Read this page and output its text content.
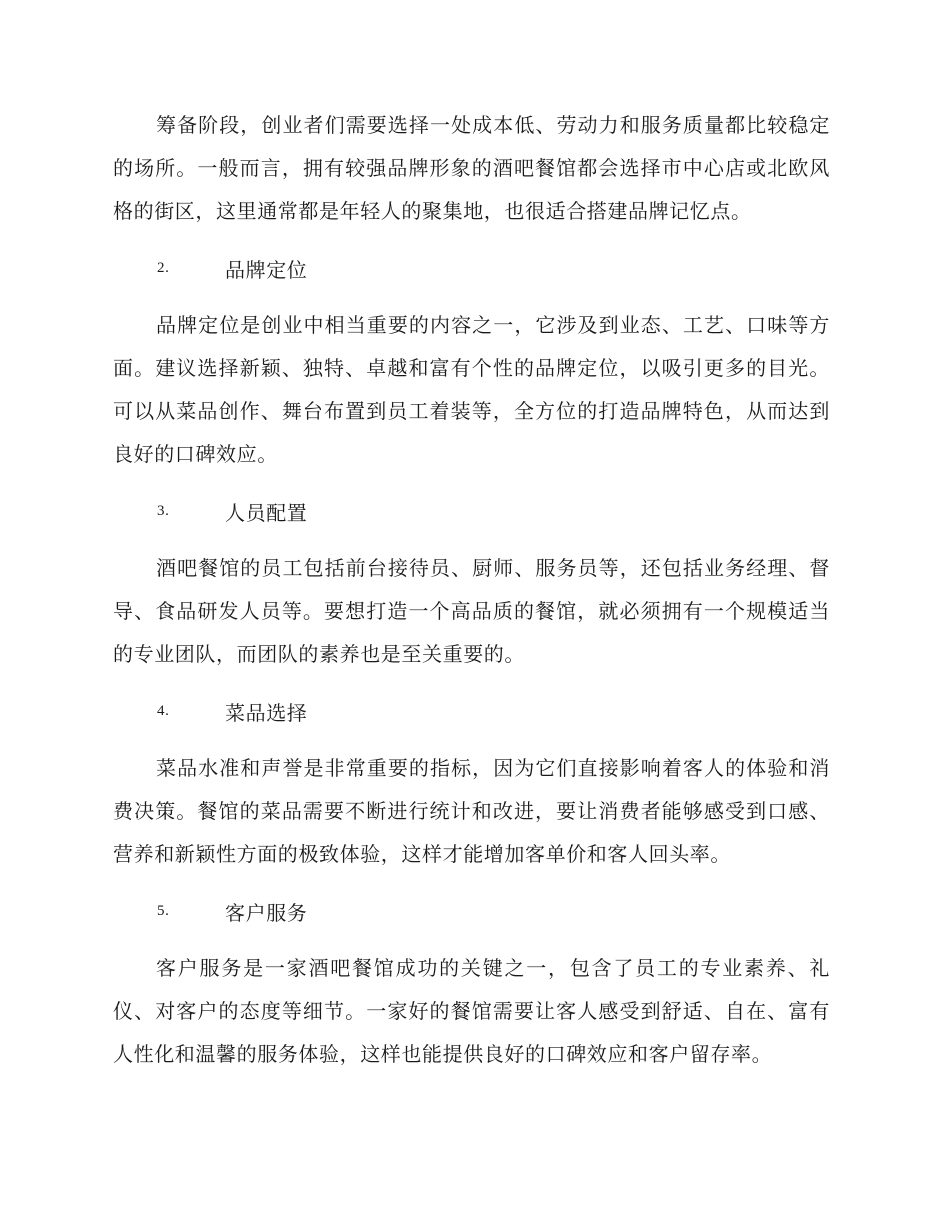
筹备阶段，创业者们需要选择一处成本低、劳动力和服务质量都比较稳定的场所。一般而言，拥有较强品牌形象的酒吧餐馆都会选择市中心店或北欧风格的街区，这里通常都是年轻人的聚集地，也很适合搭建品牌记忆点。

2.	品牌定位

品牌定位是创业中相当重要的内容之一，它涉及到业态、工艺、口味等方面。建议选择新颖、独特、卓越和富有个性的品牌定位，以吸引更多的目光。可以从菜品创作、舞台布置到员工着装等，全方位的打造品牌特色，从而达到良好的口碑效应。

3.	人员配置

酒吧餐馆的员工包括前台接待员、厨师、服务员等，还包括业务经理、督导、食品研发人员等。要想打造一个高品质的餐馆，就必须拥有一个规模适当的专业团队，而团队的素养也是至关重要的。

4.	菜品选择

菜品水准和声誉是非常重要的指标，因为它们直接影响着客人的体验和消费决策。餐馆的菜品需要不断进行统计和改进，要让消费者能够感受到口感、营养和新颖性方面的极致体验，这样才能增加客单价和客人回头率。

5.	客户服务

客户服务是一家酒吧餐馆成功的关键之一，包含了员工的专业素养、礼仪、对客户的态度等细节。一家好的餐馆需要让客人感受到舒适、自在、富有人性化和温馨的服务体验，这样也能提供良好的口碑效应和客户留存率。
